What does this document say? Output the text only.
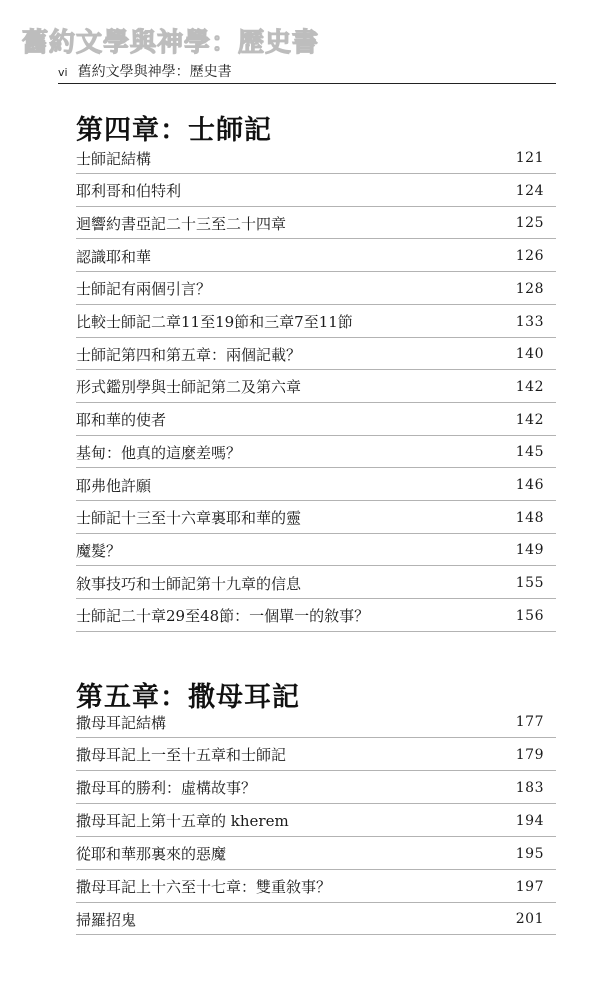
舊約文學與神學：歷史書
vi 舊約文學與神學：歷史書
第四章：士師記
士師記結構	121
耶利哥和伯特利	124
迴響約書亞記二十三至二十四章	125
認識耶和華	126
士師記有兩個引言？	128
比較士師記二章11至19節和三章7至11節	133
士師記第四和第五章：兩個記載？	140
形式鑑別學與士師記第二及第六章	142
耶和華的使者	142
基甸：他真的這麼差嗎？	145
耶弗他許願	146
士師記十三至十六章裏耶和華的靈	148
魔髮？	149
敘事技巧和士師記第十九章的信息	155
士師記二十章29至48節：一個單一的敘事？	156
第五章：撒母耳記
撒母耳記結構	177
撒母耳記上一至十五章和士師記	179
撒母耳的勝利：虛構故事？	183
撒母耳記上第十五章的 kherem	194
從耶和華那裏來的惡魔	195
撒母耳記上十六至十七章：雙重敘事？	197
掃羅招鬼	201
